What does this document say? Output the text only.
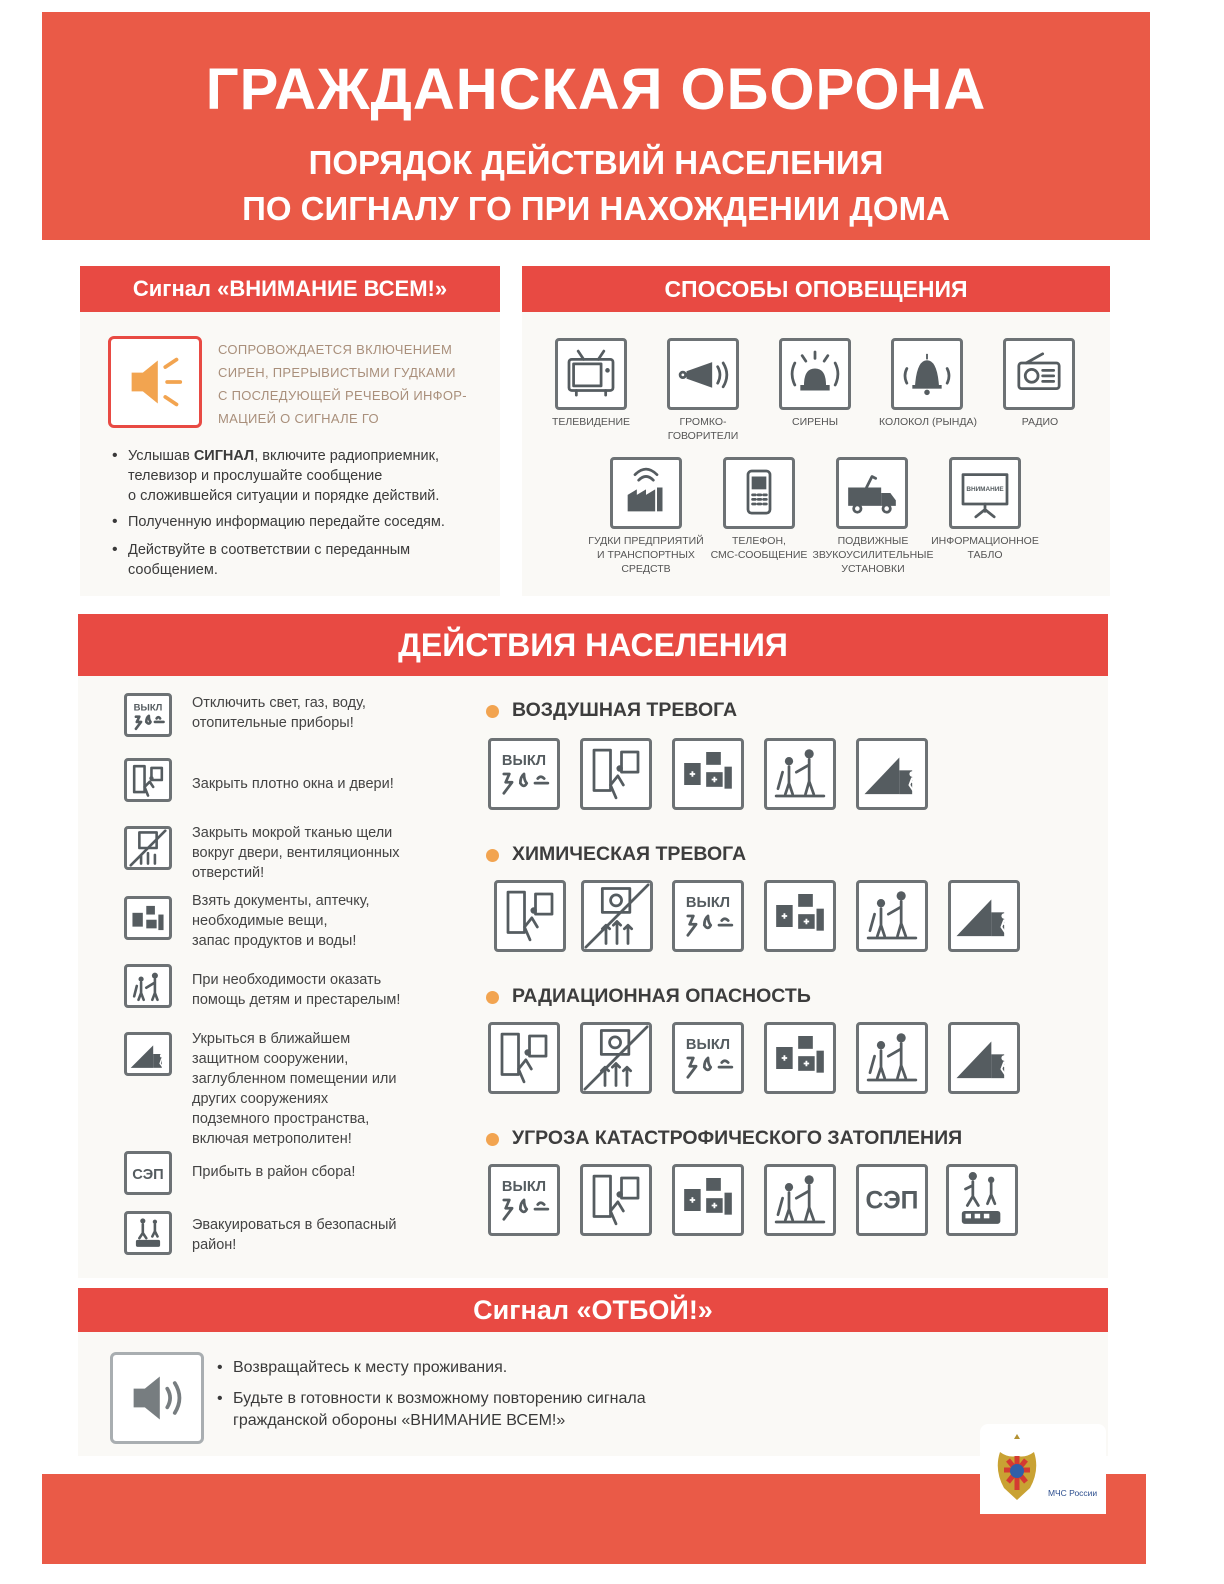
ГРАЖДАНСКАЯ ОБОРОНА
ПОРЯДОК ДЕЙСТВИЙ НАСЕЛЕНИЯ
ПО СИГНАЛУ ГО ПРИ НАХОЖДЕНИИ ДОМА
Сигнал «ВНИМАНИЕ ВСЕМ!»
СОПРОВОЖДАЕТСЯ ВКЛЮЧЕНИЕМ
СИРЕН, ПРЕРЫВИСТЫМИ ГУДКАМИ
С ПОСЛЕДУЮЩЕЙ РЕЧЕВОЙ ИНФОР-
МАЦИЕЙ О СИГНАЛЕ ГО
• Услышав СИГНАЛ, включите радиоприемник,
телевизор и прослушайте сообщение
о сложившейся ситуации и порядке действий.
• Полученную информацию передайте соседям.
• Действуйте в соответствии с переданным
сообщением.
СПОСОБЫ ОПОВЕЩЕНИЯ
ТЕЛЕВИДЕНИЕ	ГРОМКО-
ГОВОРИТЕЛИ
СИРЕНЫ	КОЛОКОЛ (РЫНДА)	РАДИО
ГУДКИ ПРЕДПРИЯТИЙ
И ТРАНСПОРТНЫХ
СРЕДСТВ
ТЕЛЕФОН,
СМС-СООБЩЕНИЕ
ПОДВИЖНЫЕ
ЗВУКОУСИЛИТЕЛЬНЫЕ
УСТАНОВКИ
ВНИМАНИЕ
ИНФОРМАЦИОННОЕ
ТАБЛО
ДЕЙСТВИЯ НАСЕЛЕНИЯ
ВЫКЛ Отключить свет, газ, воду,
отопительные приборы!
Закрыть плотно окна и двери!
Закрыть мокрой тканью щели
вокруг двери, вентиляционных
отверстий!
Взять документы, аптечку,
необходимые вещи,
запас продуктов и воды!
При необходимости оказать
помощь детям и престарелым!
Укрыться в ближайшем
защитном сооружении,
заглубленном помещении или
других сооружениях
подземного пространства,
включая метрополитен!
СЭП Прибыть в район сбора!
Эвакуироваться в безопасный
район!
ВОЗДУШНАЯ ТРЕВОГА
ХИМИЧЕСКАЯ ТРЕВОГА
РАДИАЦИОННАЯ ОПАСНОСТЬ
УГРОЗА КАТАСТРОФИЧЕСКОГО ЗАТОПЛЕНИЯ
ВЫКЛ
ВЫКЛ
ВЫКЛ
ВЫКЛ
СЭП
Сигнал «ОТБОЙ!»
• Возвращайтесь к месту проживания.
• Будьте в готовности к возможному повторению сигнала
гражданской обороны «ВНИМАНИЕ ВСЕМ!»
МЧС России
